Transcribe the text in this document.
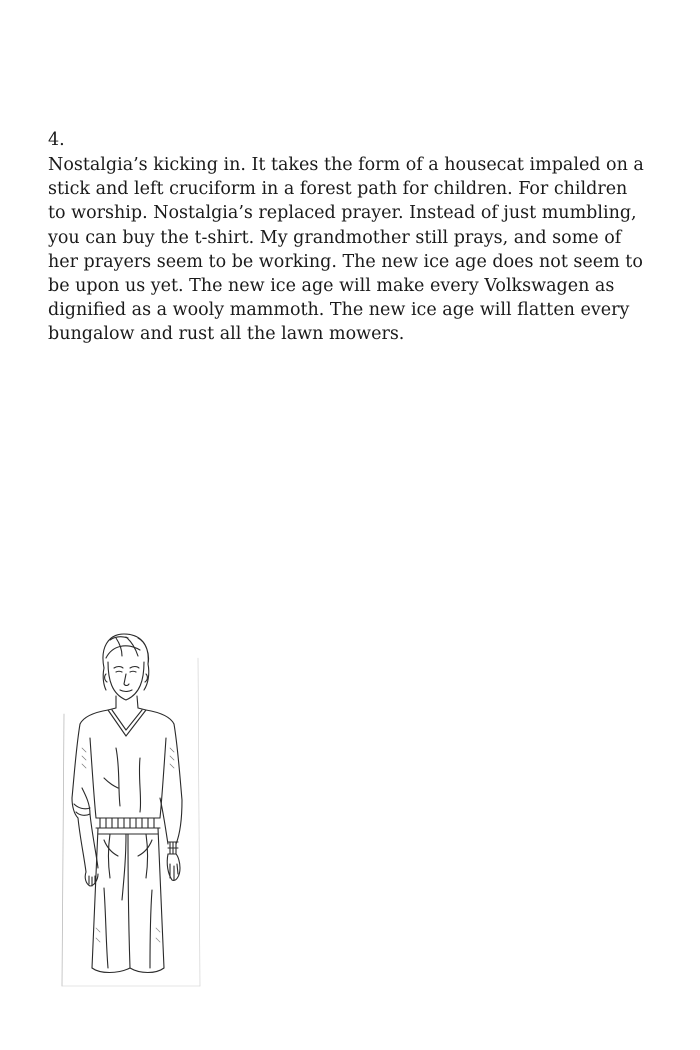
4.

Nostalgia’s kicking in. It takes the form of a housecat impaled on a
stick and left cruciform in a forest path for children. For children
to worship. Nostalgia’s replaced prayer. Instead of just mumbling,
you can buy the t-shirt. My grandmother still prays, and some of
her prayers seem to be working. The new ice age does not seem to
be upon us yet. The new ice age will make every Volkswagen as
dignified as a wooly mammoth. The new ice age will flatten every
bungalow and rust all the lawn mowers.
